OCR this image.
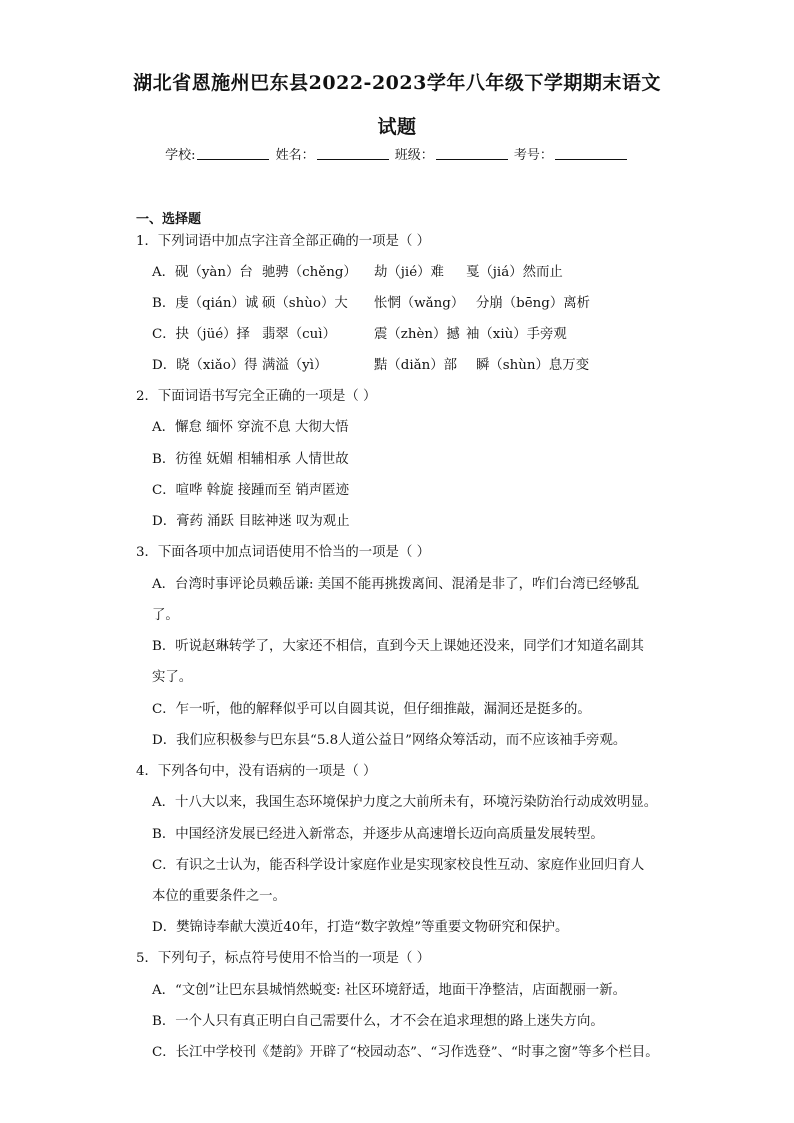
湖北省恩施州巴东县2022-2023学年八年级下学期期末语文
试题
学校:	姓名：	班级：	考号：
一、选择题
1．下列词语中加点字注音全部正确的一项是（ ）
A．砚（yàn）台 驰骋（chěng） 劫（jié）难 戛（jiá）然而止
B．虔（qián）诚 硕（shùo）大 怅惘（wǎng） 分崩（bēng）离析
C．抉（jüé）择 翡翠（cuì）	震（zhèn）撼 袖（xiù）手旁观
D．晓（xiǎo）得 满溢（yì）	黠（diǎn）部 瞬（shùn）息万变
2．下面词语书写完全正确的一项是（ ）
A．懈怠 缅怀 穿流不息 大彻大悟
B．彷徨 妩媚 相辅相承 人情世故
C．喧哗 斡旋 接踵而至 销声匿迹
D．膏药 涌跃 目眩神迷 叹为观止
3．下面各项中加点词语使用不恰当的一项是（ ）
A．台湾时事评论员赖岳谦: 美国不能再挑拨离间、混淆是非了，咋们台湾已经够乱
了。
B．听说赵琳转学了，大家还不相信，直到今天上课她还没来，同学们才知道名副其
实了。
C．乍一听，他的解释似乎可以自圆其说，但仔细推敲，漏洞还是挺多的。
D．我们应积极参与巴东县“5.8人道公益日”网络众筹活动，而不应该袖手旁观。
4．下列各句中，没有语病的一项是（ ）
A．十八大以来，我国生态环境保护力度之大前所未有，环境污染防治行动成效明显。
B．中国经济发展已经进入新常态，并逐步从高速增长迈向高质量发展转型。
C．有识之士认为，能否科学设计家庭作业是实现家校良性互动、家庭作业回归育人
本位的重要条件之一。
D．樊锦诗奉献大漠近40年，打造“数字敦煌”等重要文物研究和保护。
5．下列句子，标点符号使用不恰当的一项是（ ）
A．“文创”让巴东县城悄然蜕变: 社区环境舒适，地面干净整洁，店面靓丽一新。
B．一个人只有真正明白自己需要什么，才不会在追求理想的路上迷失方向。
C．长江中学校刊《楚韵》开辟了“校园动态”、“习作选登”、“时事之窗”等多个栏目。
